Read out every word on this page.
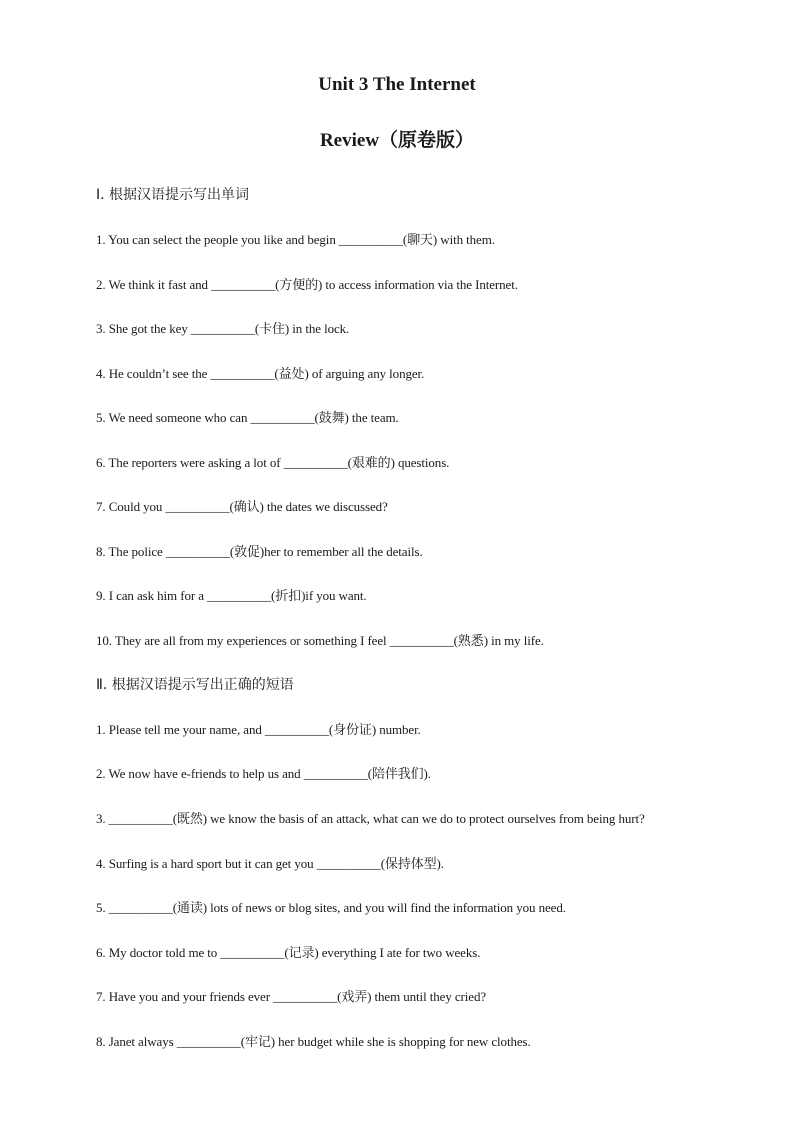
Unit 3 The Internet
Review（原卷版）

Ⅰ. 根据汉语提示写出单词

1. You can select the people you like and begin __________(聊天) with them.

2. We think it fast and __________(方便的) to access information via the Internet.

3. She got the key __________(卡住) in the lock.

4. He couldn’t see the __________(益处) of arguing any longer.

5. We need someone who can __________(鼓舞) the team.

6. The reporters were asking a lot of __________(艰难的) questions.

7. Could you __________(确认) the dates we discussed?

8. The police __________(敦促)her to remember all the details.

9. I can ask him for a __________(折扣)if you want.

10. They are all from my experiences or something I feel __________(熟悉) in my life.

Ⅱ. 根据汉语提示写出正确的短语

1. Please tell me your name, and __________(身份证) number.

2. We now have e-friends to help us and __________(陪伴我们).

3. __________(既然) we know the basis of an attack, what can we do to protect ourselves from being hurt?

4. Surfing is a hard sport but it can get you __________(保持体型).

5. __________(通读) lots of news or blog sites, and you will find the information you need.

6. My doctor told me to __________(记录) everything I ate for two weeks.

7. Have you and your friends ever __________(戏弄) them until they cried?

8. Janet always __________(牢记) her budget while she is shopping for new clothes.
